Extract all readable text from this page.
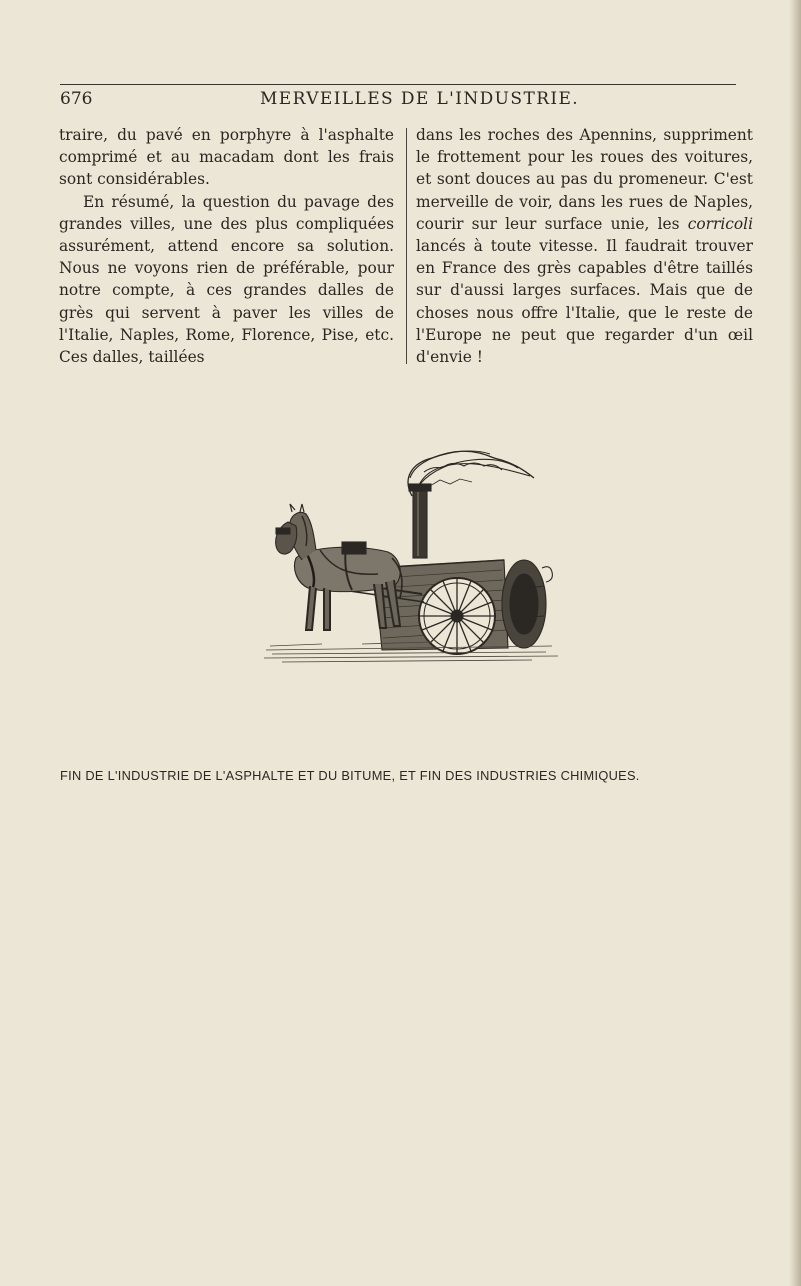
676	MERVEILLES DE L'INDUSTRIE.

traire, du pavé en porphyre à l'asphalte comprimé et au macadam dont les frais sont considérables.

En résumé, la question du pavage des grandes villes, une des plus compliquées assurément, attend encore sa solution. Nous ne voyons rien de préférable, pour notre compte, à ces grandes dalles de grès qui servent à paver les villes de l'Italie, Naples, Rome, Florence, Pise, etc. Ces dalles, taillées

dans les roches des Apennins, suppriment le frottement pour les roues des voitures, et sont douces au pas du promeneur. C'est merveille de voir, dans les rues de Naples, courir sur leur surface unie, les corricoli lancés à toute vitesse. Il faudrait trouver en France des grès capables d'être taillés sur d'aussi larges surfaces. Mais que de choses nous offre l'Italie, que le reste de l'Europe ne peut que regarder d'un œil d'envie !

FIN DE L'INDUSTRIE DE L'ASPHALTE ET DU BITUME, ET FIN DES INDUSTRIES CHIMIQUES.
